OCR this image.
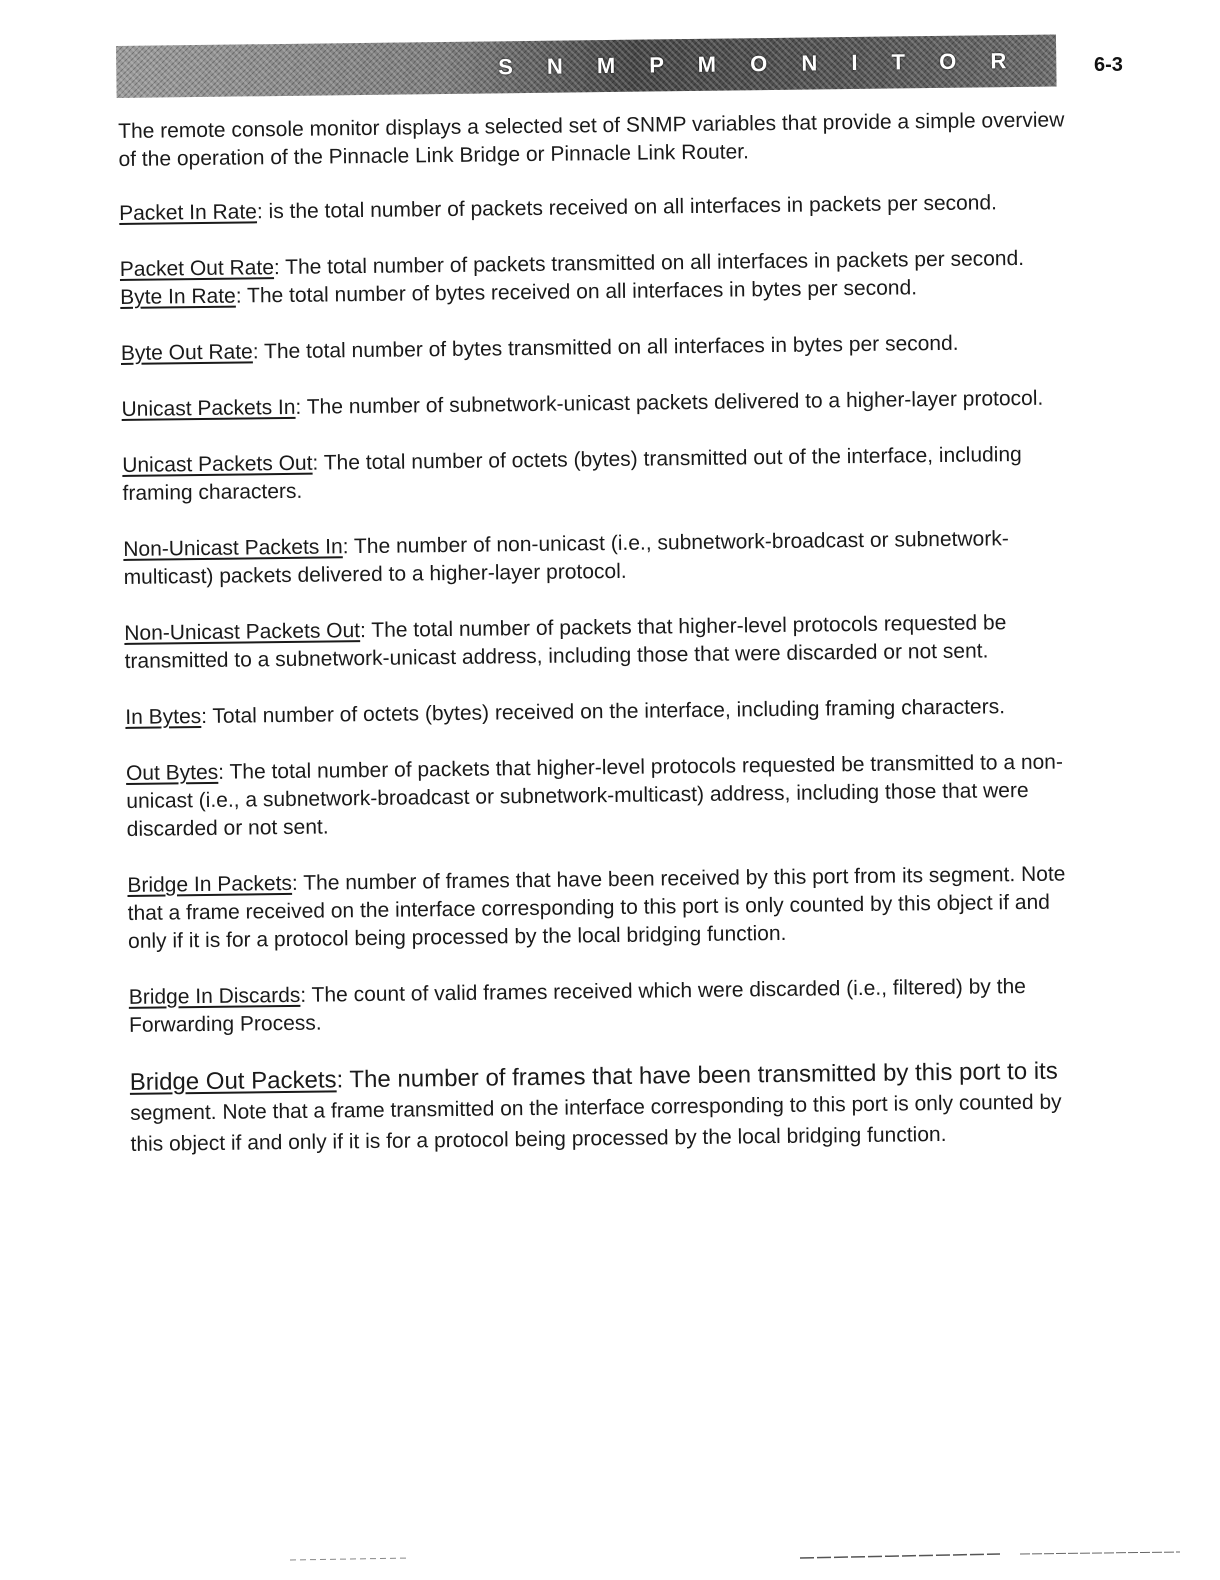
S N M P M O N I T O R	6-3

The remote console monitor displays a selected set of SNMP variables that provide a simple overview of the operation of the Pinnacle Link Bridge or Pinnacle Link Router.

Packet In Rate: is the total number of packets received on all interfaces in packets per second.

Packet Out Rate: The total number of packets transmitted on all interfaces in packets per second.

Byte In Rate: The total number of bytes received on all interfaces in bytes per second.

Byte Out Rate: The total number of bytes transmitted on all interfaces in bytes per second.

Unicast Packets In: The number of subnetwork-unicast packets delivered to a higher-layer protocol.

Unicast Packets Out: The total number of octets (bytes) transmitted out of the interface, including framing characters.

Non-Unicast Packets In: The number of non-unicast (i.e., subnetwork-broadcast or subnetwork-multicast) packets delivered to a higher-layer protocol.

Non-Unicast Packets Out: The total number of packets that higher-level protocols requested be transmitted to a subnetwork-unicast address, including those that were discarded or not sent.

In Bytes: Total number of octets (bytes) received on the interface, including framing characters.

Out Bytes: The total number of packets that higher-level protocols requested be transmitted to a non-unicast (i.e., a subnetwork-broadcast or subnetwork-multicast) address, including those that were discarded or not sent.

Bridge In Packets: The number of frames that have been received by this port from its segment. Note that a frame received on the interface corresponding to this port is only counted by this object if and only if it is for a protocol being processed by the local bridging function.

Bridge In Discards: The count of valid frames received which were discarded (i.e., filtered) by the Forwarding Process.

Bridge Out Packets: The number of frames that have been transmitted by this port to its segment. Note that a frame transmitted on the interface corresponding to this port is only counted by this object if and only if it is for a protocol being processed by the local bridging function.
